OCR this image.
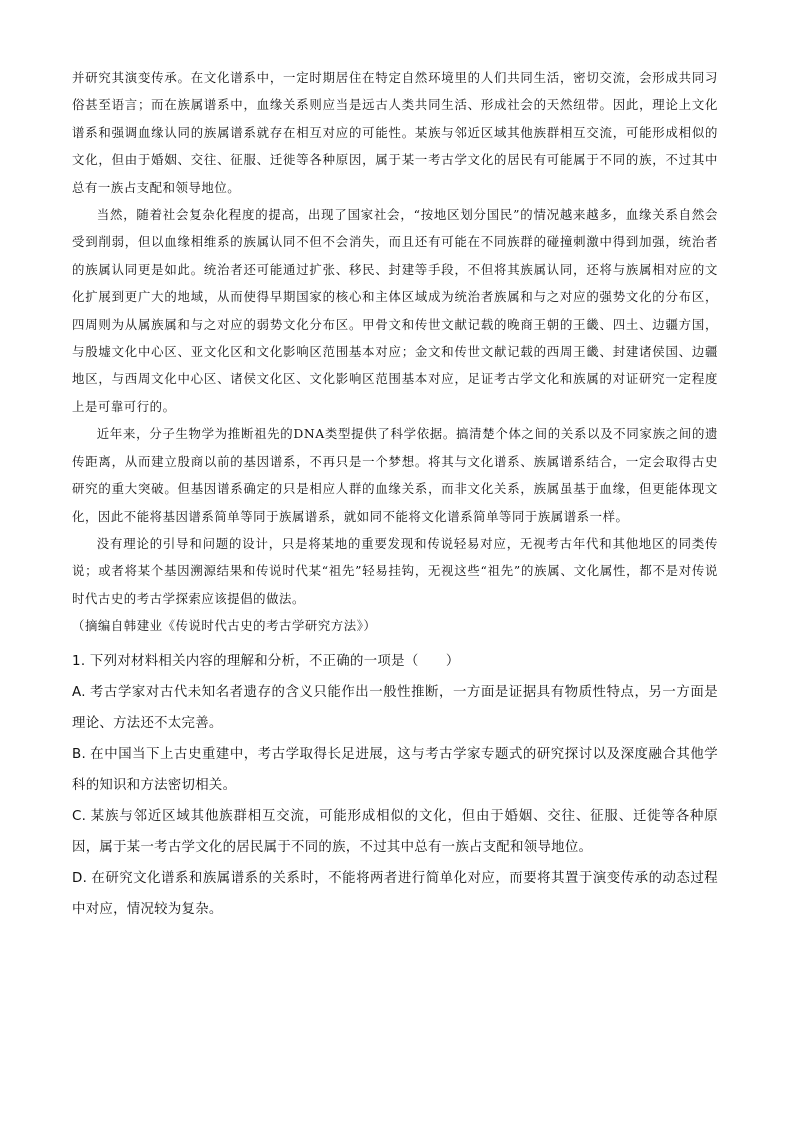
并研究其演变传承。在文化谱系中，一定时期居住在特定自然环境里的人们共同生活，密切交流，会形成共同习俗甚至语言；而在族属谱系中，血缘关系则应当是远古人类共同生活、形成社会的天然纽带。因此，理论上文化谱系和强调血缘认同的族属谱系就存在相互对应的可能性。某族与邻近区域其他族群相互交流，可能形成相似的文化，但由于婚姻、交往、征服、迁徙等各种原因，属于某一考古学文化的居民有可能属于不同的族，不过其中总有一族占支配和领导地位。

当然，随着社会复杂化程度的提高，出现了国家社会，“按地区划分国民”的情况越来越多，血缘关系自然会受到削弱，但以血缘相维系的族属认同不但不会消失，而且还有可能在不同族群的碰撞刺激中得到加强，统治者的族属认同更是如此。统治者还可能通过扩张、移民、封建等手段，不但将其族属认同，还将与族属相对应的文化扩展到更广大的地域，从而使得早期国家的核心和主体区域成为统治者族属和与之对应的强势文化的分布区，四周则为从属族属和与之对应的弱势文化分布区。甲骨文和传世文献记载的晚商王朝的王畿、四土、边疆方国，与殷墟文化中心区、亚文化区和文化影响区范围基本对应；金文和传世文献记载的西周王畿、封建诸侯国、边疆地区，与西周文化中心区、诸侯文化区、文化影响区范围基本对应，足证考古学文化和族属的对证研究一定程度上是可靠可行的。

近年来，分子生物学为推断祖先的DNA类型提供了科学依据。搞清楚个体之间的关系以及不同家族之间的遗传距离，从而建立殷商以前的基因谱系，不再只是一个梦想。将其与文化谱系、族属谱系结合，一定会取得古史研究的重大突破。但基因谱系确定的只是相应人群的血缘关系，而非文化关系，族属虽基于血缘，但更能体现文化，因此不能将基因谱系简单等同于族属谱系，就如同不能将文化谱系简单等同于族属谱系一样。

没有理论的引导和问题的设计，只是将某地的重要发现和传说轻易对应，无视考古年代和其他地区的同类传说；或者将某个基因溯源结果和传说时代某“祖先”轻易挂钩，无视这些“祖先”的族属、文化属性，都不是对传说时代古史的考古学探索应该提倡的做法。

（摘编自韩建业《传说时代古史的考古学研究方法》）

1. 下列对材料相关内容的理解和分析，不正确的一项是（　　）

A. 考古学家对古代未知名者遗存的含义只能作出一般性推断，一方面是证据具有物质性特点，另一方面是理论、方法还不太完善。

B. 在中国当下上古史重建中，考古学取得长足进展，这与考古学家专题式的研究探讨以及深度融合其他学科的知识和方法密切相关。

C. 某族与邻近区域其他族群相互交流，可能形成相似的文化，但由于婚姻、交往、征服、迁徙等各种原因，属于某一考古学文化的居民属于不同的族，不过其中总有一族占支配和领导地位。

D. 在研究文化谱系和族属谱系的关系时，不能将两者进行简单化对应，而要将其置于演变传承的动态过程中对应，情况较为复杂。
